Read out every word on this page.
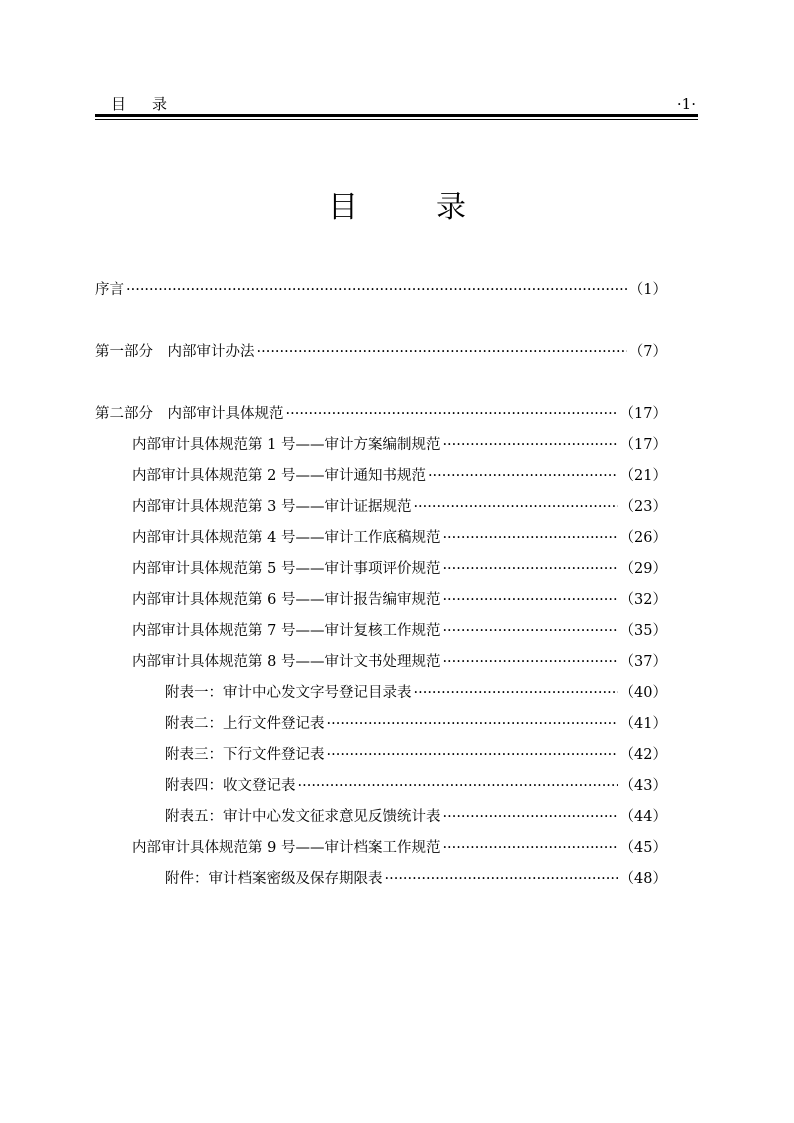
目录	·1·
目录
序言 ·····	（1）
第一部分　内部审计办法 ·····	（7）
第二部分　内部审计具体规范 ·····	（17）
内部审计具体规范第 1 号——审计方案编制规范 ·····	（17）
内部审计具体规范第 2 号——审计通知书规范 ·····	（21）
内部审计具体规范第 3 号——审计证据规范 ·····	（23）
内部审计具体规范第 4 号——审计工作底稿规范 ·····	（26）
内部审计具体规范第 5 号——审计事项评价规范 ·····	（29）
内部审计具体规范第 6 号——审计报告编审规范 ·····	（32）
内部审计具体规范第 7 号——审计复核工作规范 ·····	（35）
内部审计具体规范第 8 号——审计文书处理规范 ·····	（37）
附表一：审计中心发文字号登记目录表 ·····	（40）
附表二：上行文件登记表 ·····	（41）
附表三：下行文件登记表 ·····	（42）
附表四：收文登记表 ·····	（43）
附表五：审计中心发文征求意见反馈统计表 ·····	（44）
内部审计具体规范第 9 号——审计档案工作规范 ·····	（45）
附件：审计档案密级及保存期限表 ·····	（48）
